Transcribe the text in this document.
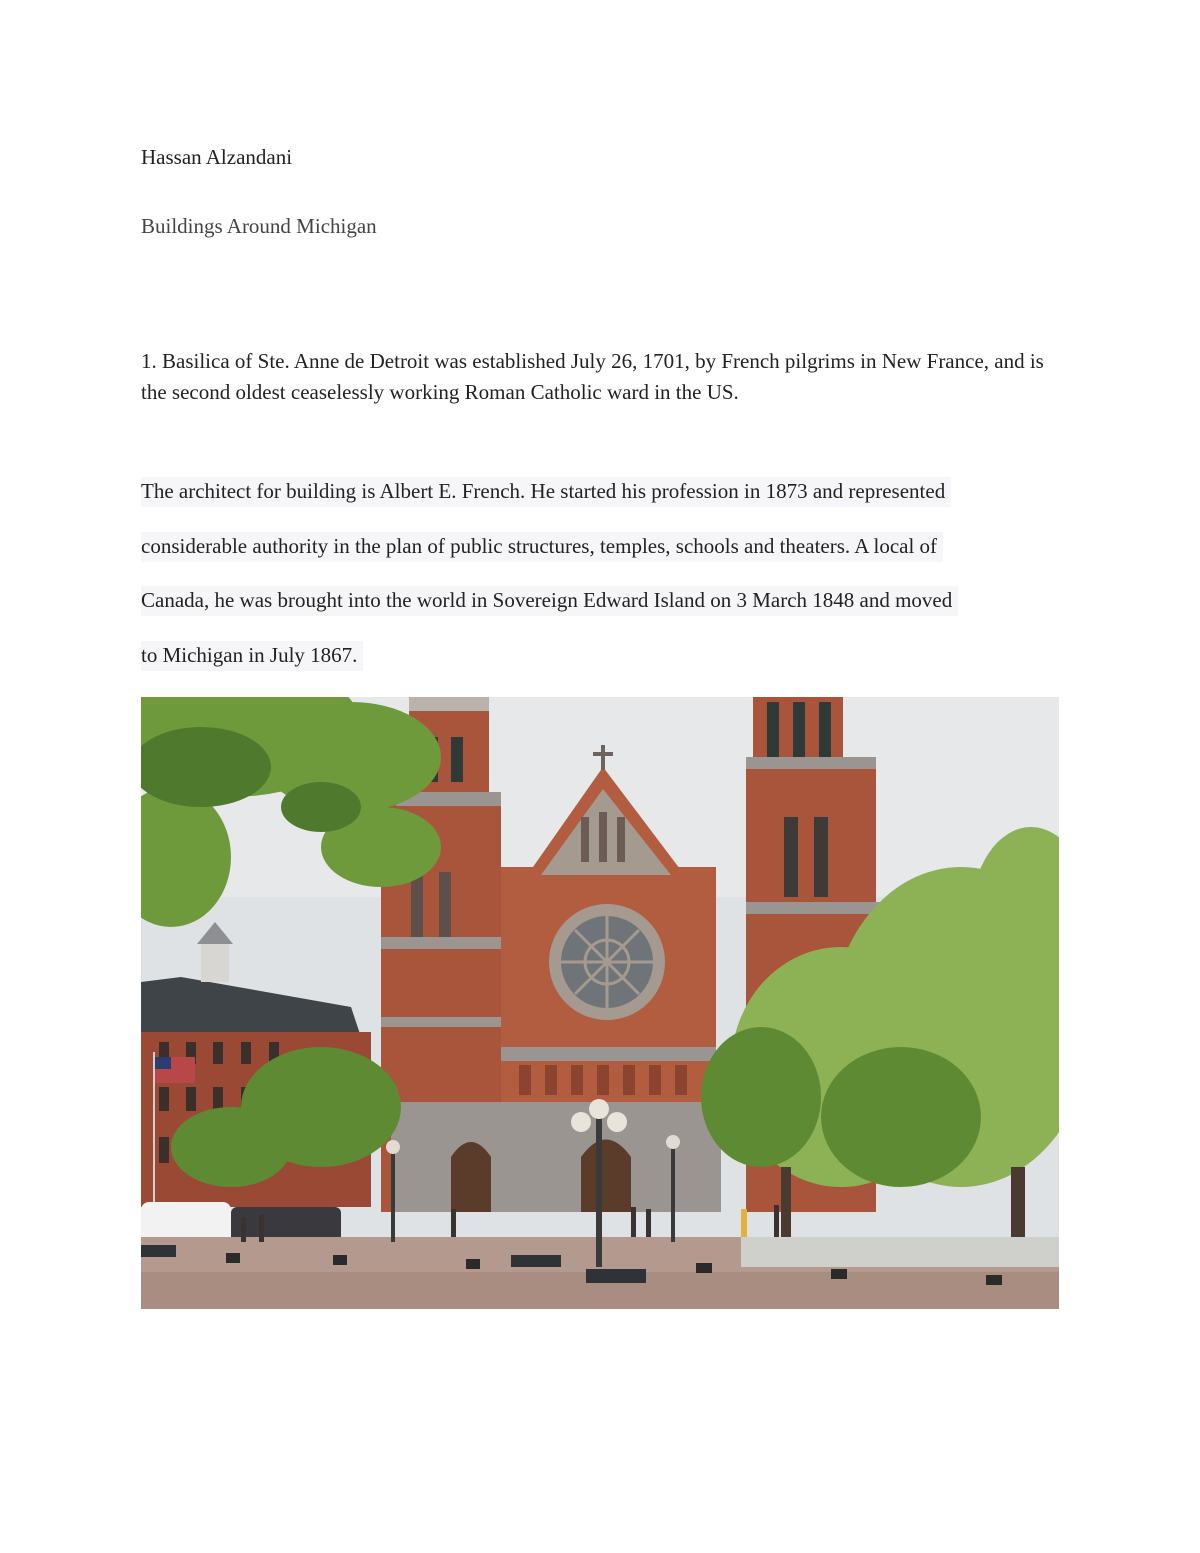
Hassan Alzandani
Buildings Around Michigan

1. Basilica of Ste. Anne de Detroit was established July 26, 1701, by French pilgrims in New France, and is the second oldest ceaselessly working Roman Catholic ward in the US.

The architect for building is Albert E. French. He started his profession in 1873 and represented
considerable authority in the plan of public structures, temples, schools and theaters. A local of
Canada, he was brought into the world in Sovereign Edward Island on 3 March 1848 and moved
to Michigan in July 1867.
